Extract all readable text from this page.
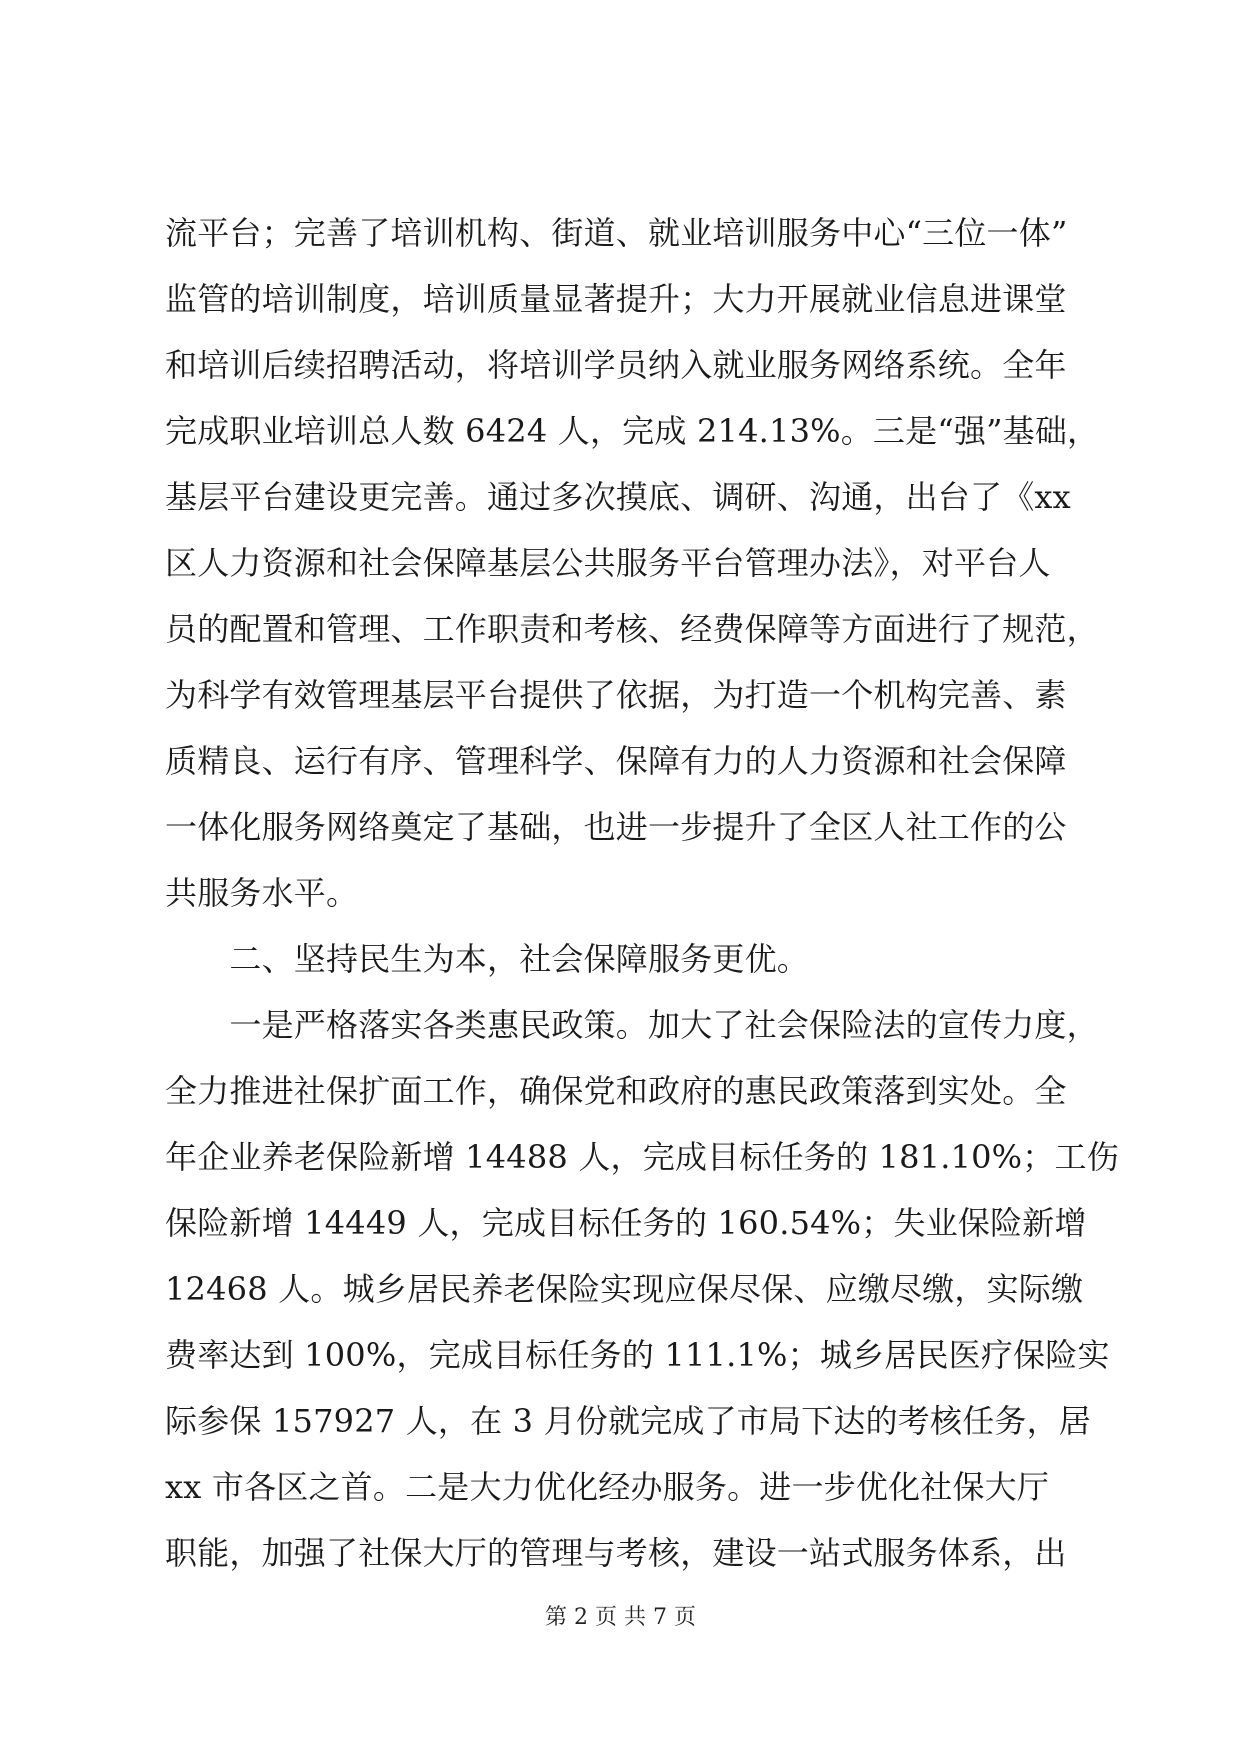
流平台；完善了培训机构、街道、就业培训服务中心“三位一体”
监管的培训制度，培训质量显著提升；大力开展就业信息进课堂
和培训后续招聘活动，将培训学员纳入就业服务网络系统。全年
完成职业培训总人数 6424 人，完成 214.13%。三是“强”基础，
基层平台建设更完善。通过多次摸底、调研、沟通，出台了《xx
区人力资源和社会保障基层公共服务平台管理办法》，对平台人
员的配置和管理、工作职责和考核、经费保障等方面进行了规范，
为科学有效管理基层平台提供了依据，为打造一个机构完善、素
质精良、运行有序、管理科学、保障有力的人力资源和社会保障
一体化服务网络奠定了基础，也进一步提升了全区人社工作的公
共服务水平。
　　二、坚持民生为本，社会保障服务更优。
　　一是严格落实各类惠民政策。加大了社会保险法的宣传力度，
全力推进社保扩面工作，确保党和政府的惠民政策落到实处。全
年企业养老保险新增 14488 人，完成目标任务的 181.10%；工伤
保险新增 14449 人，完成目标任务的 160.54%；失业保险新增
12468 人。城乡居民养老保险实现应保尽保、应缴尽缴，实际缴
费率达到 100%，完成目标任务的 111.1%；城乡居民医疗保险实
际参保 157927 人，在 3 月份就完成了市局下达的考核任务，居
xx 市各区之首。二是大力优化经办服务。进一步优化社保大厅
职能，加强了社保大厅的管理与考核，建设一站式服务体系，出
第 2 页 共 7 页
